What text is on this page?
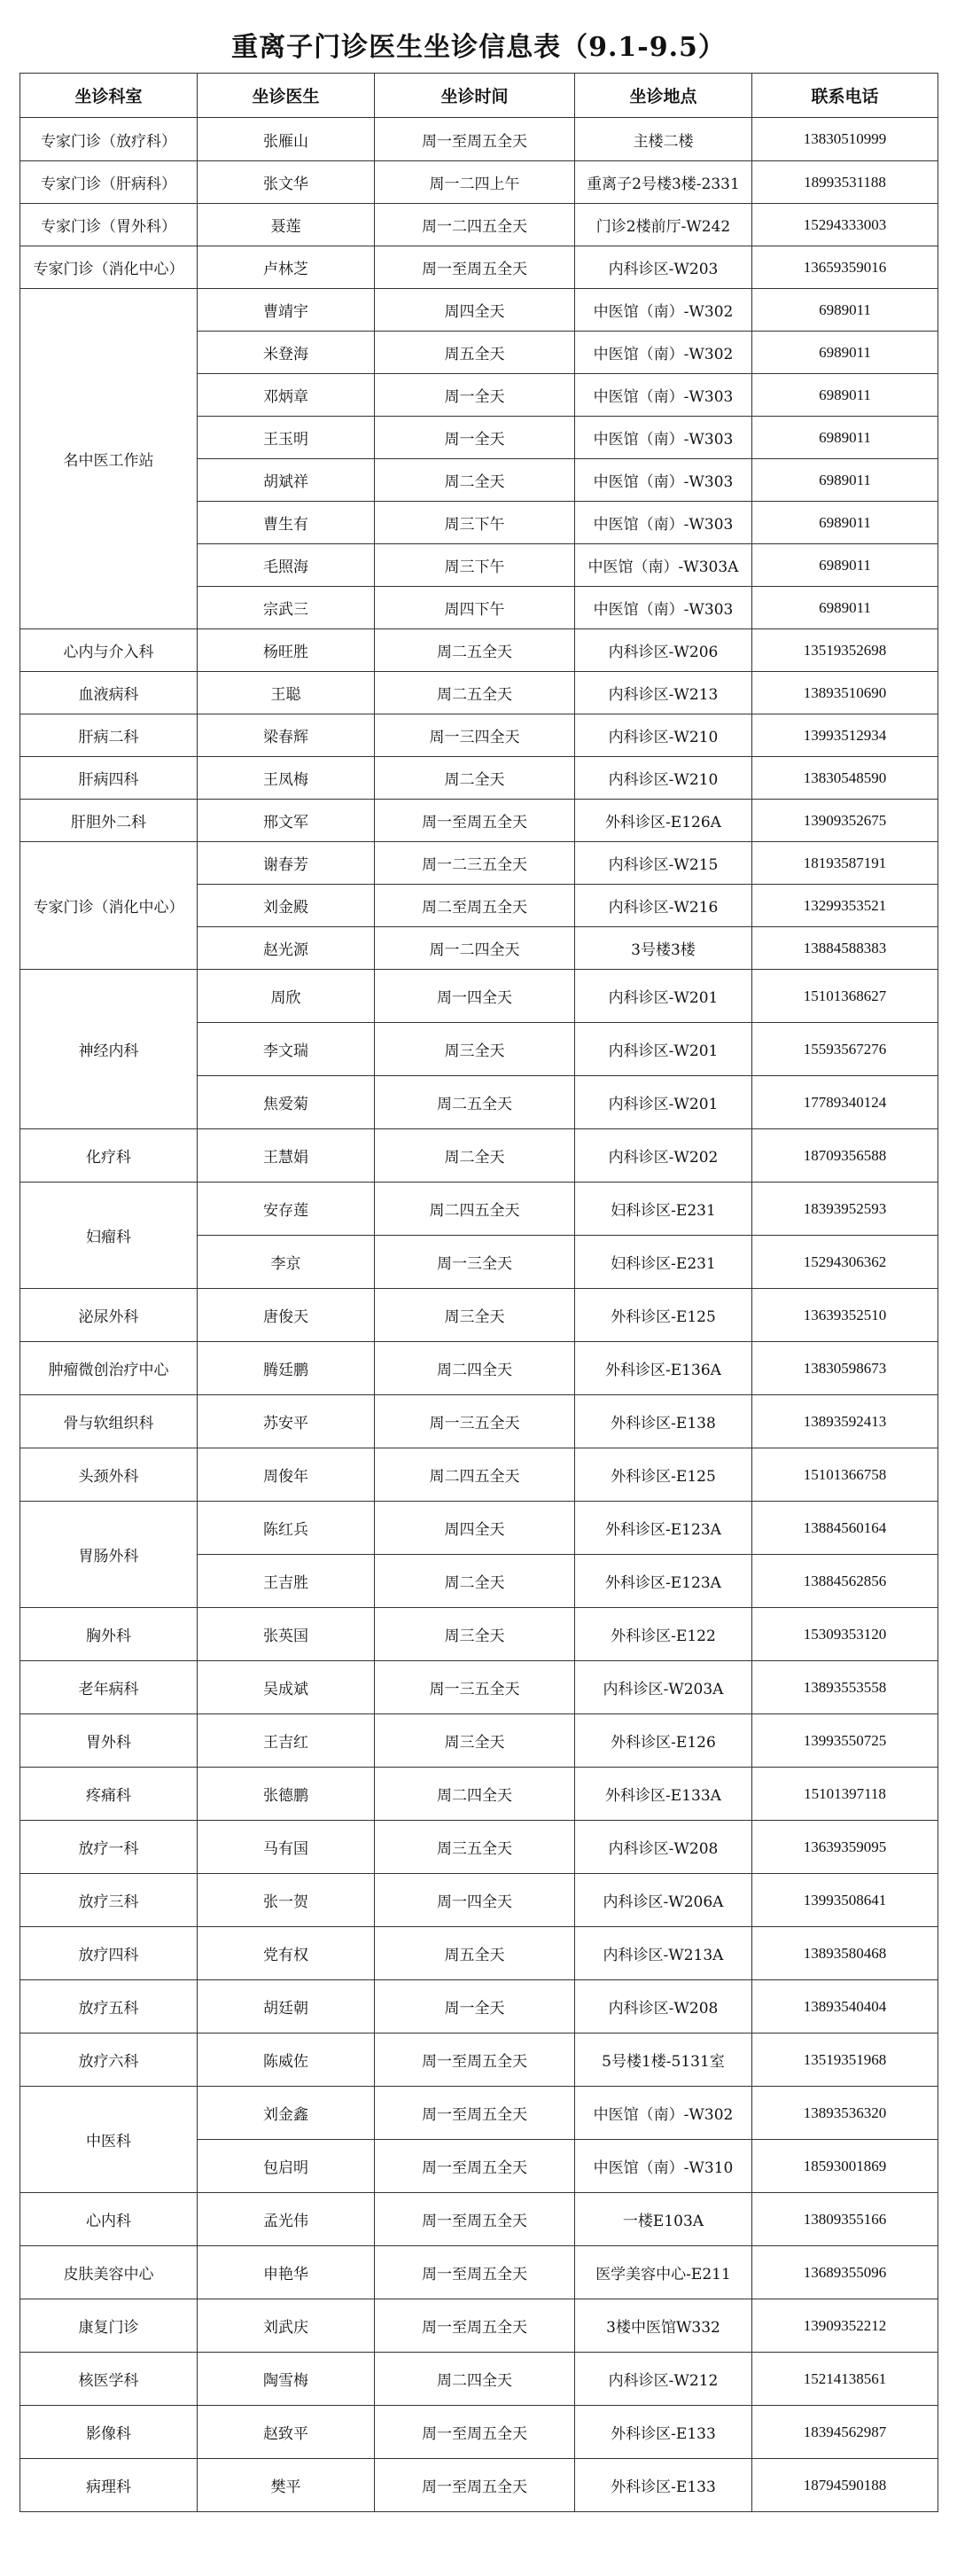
重离子门诊医生坐诊信息表（9.1-9.5）
坐诊科室	坐诊医生	坐诊时间	坐诊地点	联系电话
专家门诊（放疗科）	张雁山	周一至周五全天	主楼二楼	13830510999
专家门诊（肝病科）	张文华	周一二四上午	重离子2号楼3楼-2331	18993531188
专家门诊（胃外科）	聂莲	周一二四五全天	门诊2楼前厅-W242	15294333003
专家门诊（消化中心）	卢林芝	周一至周五全天	内科诊区-W203	13659359016
名中医工作站	曹靖宇	周四全天	中医馆（南）-W302	6989011
	米登海	周五全天	中医馆（南）-W302	6989011
	邓炳章	周一全天	中医馆（南）-W303	6989011
	王玉明	周一全天	中医馆（南）-W303	6989011
	胡斌祥	周二全天	中医馆（南）-W303	6989011
	曹生有	周三下午	中医馆（南）-W303	6989011
	毛照海	周三下午	中医馆（南）-W303A	6989011
	宗武三	周四下午	中医馆（南）-W303	6989011
心内与介入科	杨旺胜	周二五全天	内科诊区-W206	13519352698
血液病科	王聪	周二五全天	内科诊区-W213	13893510690
肝病二科	梁春辉	周一三四全天	内科诊区-W210	13993512934
肝病四科	王凤梅	周二全天	内科诊区-W210	13830548590
肝胆外二科	邢文军	周一至周五全天	外科诊区-E126A	13909352675
专家门诊（消化中心）	谢春芳	周一二三五全天	内科诊区-W215	18193587191
	刘金殿	周二至周五全天	内科诊区-W216	13299353521
	赵光源	周一二四全天	3号楼3楼	13884588383
神经内科	周欣	周一四全天	内科诊区-W201	15101368627
	李文瑞	周三全天	内科诊区-W201	15593567276
	焦爱菊	周二五全天	内科诊区-W201	17789340124
化疗科	王慧娟	周二全天	内科诊区-W202	18709356588
妇瘤科	安存莲	周二四五全天	妇科诊区-E231	18393952593
	李京	周一三全天	妇科诊区-E231	15294306362
泌尿外科	唐俊天	周三全天	外科诊区-E125	13639352510
肿瘤微创治疗中心	腾廷鹏	周二四全天	外科诊区-E136A	13830598673
骨与软组织科	苏安平	周一三五全天	外科诊区-E138	13893592413
头颈外科	周俊年	周二四五全天	外科诊区-E125	15101366758
胃肠外科	陈红兵	周四全天	外科诊区-E123A	13884560164
	王吉胜	周二全天	外科诊区-E123A	13884562856
胸外科	张英国	周三全天	外科诊区-E122	15309353120
老年病科	吴成斌	周一三五全天	内科诊区-W203A	13893553558
胃外科	王吉红	周三全天	外科诊区-E126	13993550725
疼痛科	张德鹏	周二四全天	外科诊区-E133A	15101397118
放疗一科	马有国	周三五全天	内科诊区-W208	13639359095
放疗三科	张一贺	周一四全天	内科诊区-W206A	13993508641
放疗四科	党有权	周五全天	内科诊区-W213A	13893580468
放疗五科	胡廷朝	周一全天	内科诊区-W208	13893540404
放疗六科	陈威佐	周一至周五全天	5号楼1楼-5131室	13519351968
中医科	刘金鑫	周一至周五全天	中医馆（南）-W302	13893536320
	包启明	周一至周五全天	中医馆（南）-W310	18593001869
心内科	孟光伟	周一至周五全天	一楼E103A	13809355166
皮肤美容中心	申艳华	周一至周五全天	医学美容中心-E211	13689355096
康复门诊	刘武庆	周一至周五全天	3楼中医馆W332	13909352212
核医学科	陶雪梅	周二四全天	内科诊区-W212	15214138561
影像科	赵致平	周一至周五全天	外科诊区-E133	18394562987
病理科	樊平	周一至周五全天	外科诊区-E133	18794590188
